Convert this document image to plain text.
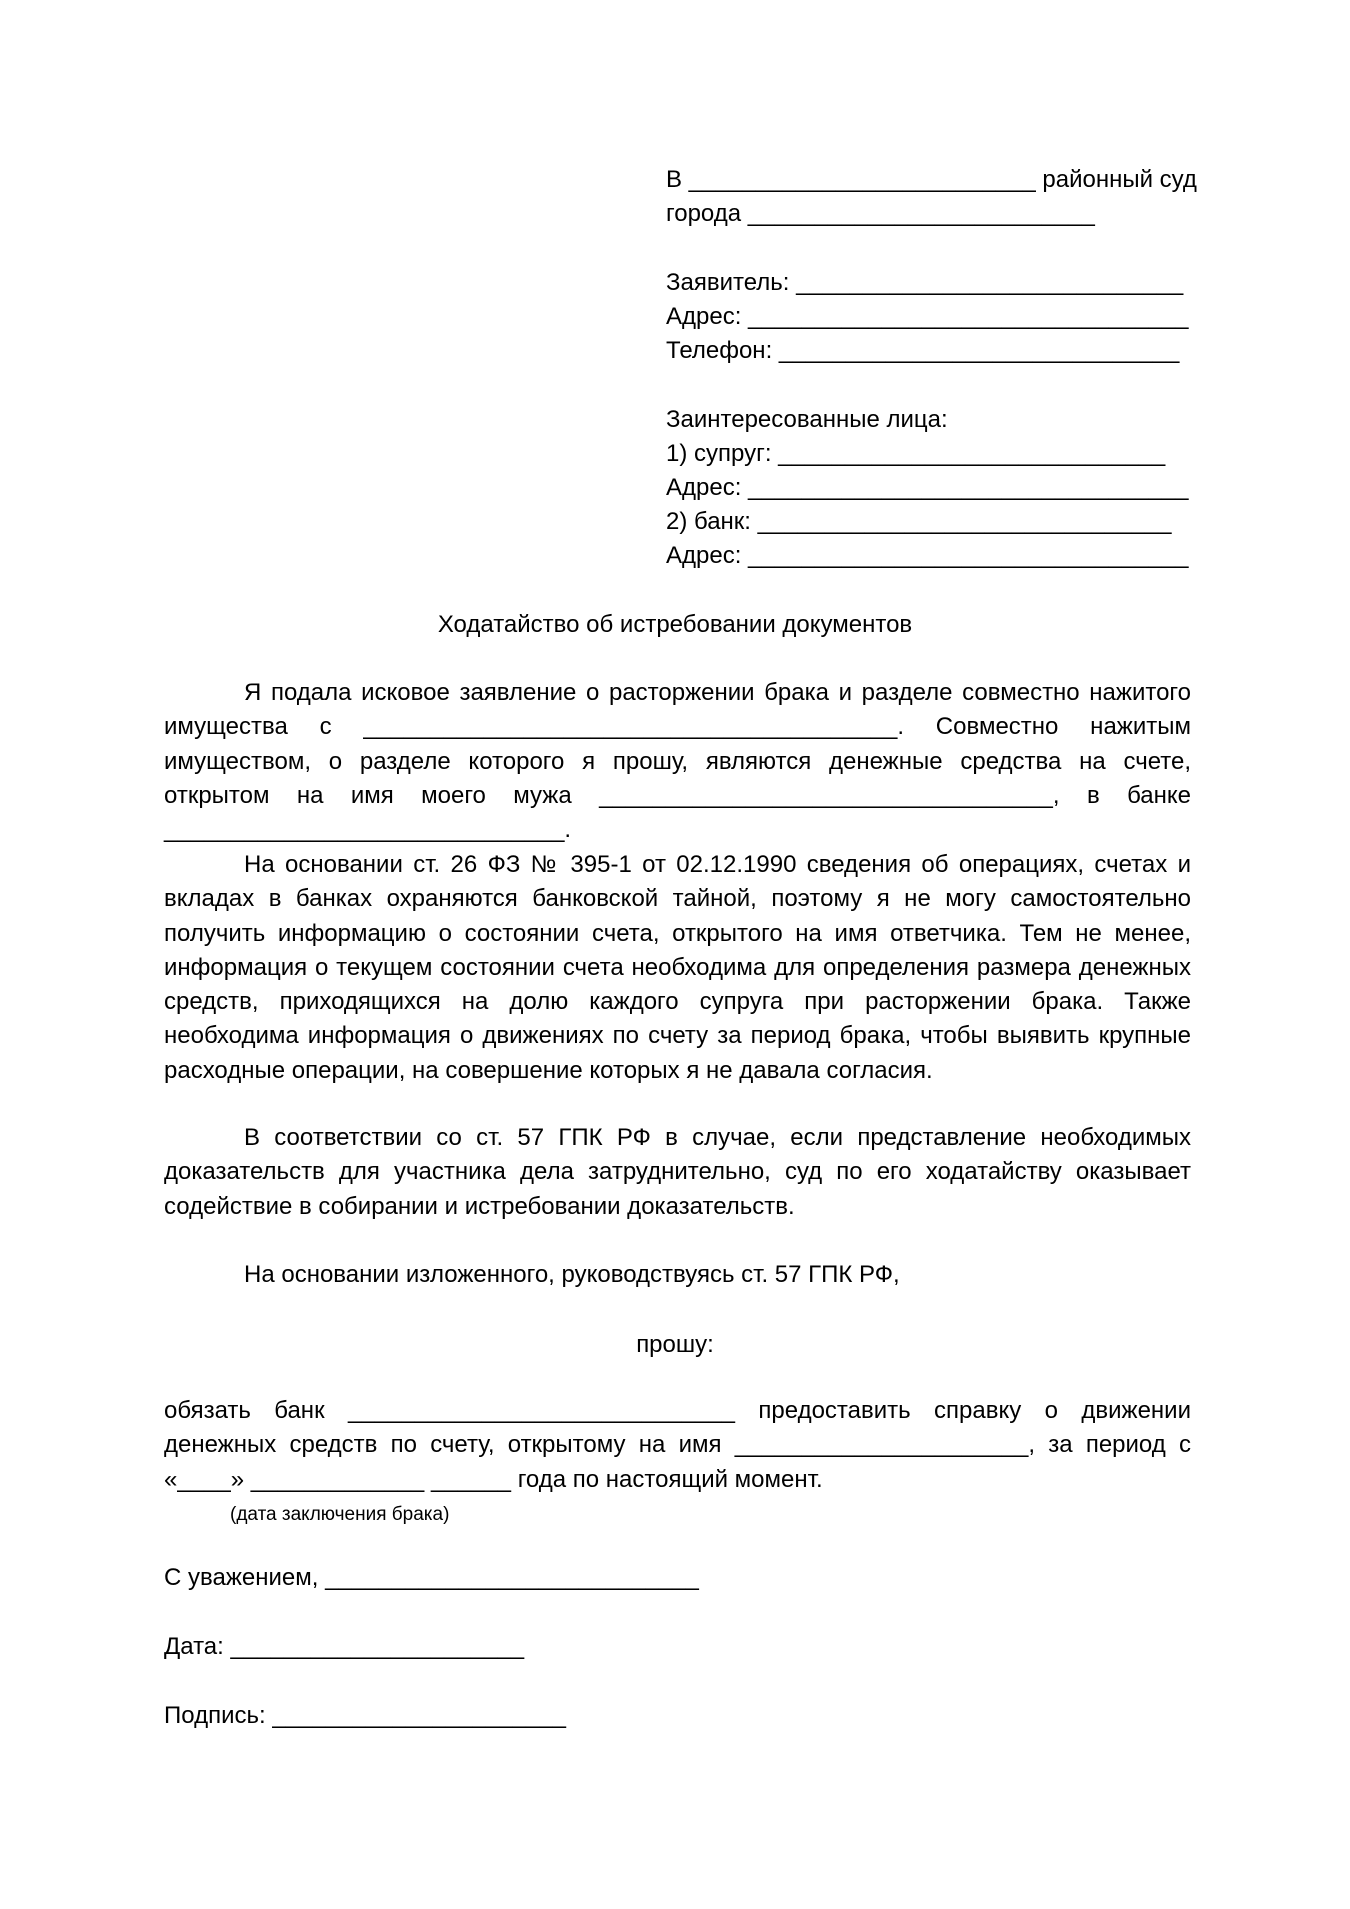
В __________________________ районный суд
города __________________________
Заявитель: _____________________________
Адрес: _________________________________
Телефон: ______________________________
Заинтересованные лица:
1) супруг: _____________________________
Адрес: _________________________________
2) банк: _______________________________
Адрес: _________________________________
Ходатайство об истребовании документов
Я подала исковое заявление о расторжении брака и разделе совместно нажитого имущества с ________________________________________. Совместно нажитым имуществом, о разделе которого я прошу, являются денежные средства на счете, открытом на имя моего мужа __________________________________, в банке ______________________________.
На основании ст. 26 ФЗ № 395-1 от 02.12.1990 сведения об операциях, счетах и вкладах в банках охраняются банковской тайной, поэтому я не могу самостоятельно получить информацию о состоянии счета, открытого на имя ответчика. Тем не менее, информация о текущем состоянии счета необходима для определения размера денежных средств, приходящихся на долю каждого супруга при расторжении брака. Также необходима информация о движениях по счету за период брака, чтобы выявить крупные расходные операции, на совершение которых я не давала согласия.
В соответствии со ст. 57 ГПК РФ в случае, если представление необходимых доказательств для участника дела затруднительно, суд по его ходатайству оказывает содействие в собирании и истребовании доказательств.
На основании изложенного, руководствуясь ст. 57 ГПК РФ,
прошу:
обязать банк _____________________________ предоставить справку о движении денежных средств по счету, открытому на имя ______________________, за период с «____» _____________ ______ года по настоящий момент.
(дата заключения брака)
С уважением, ____________________________
Дата: ______________________
Подпись: ______________________
